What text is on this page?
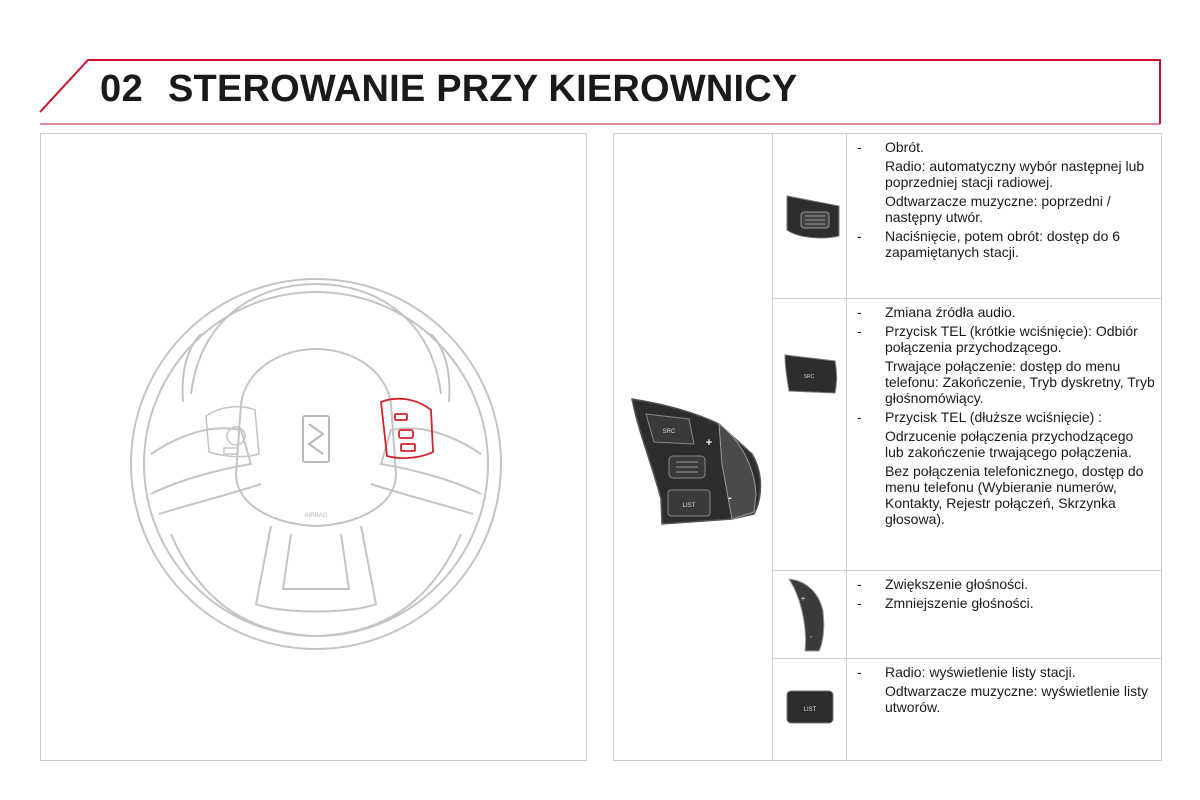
02 STEROWANIE PRZY KIEROWNICY
AIRBAG
SRC
LIST
+
-
- Obrót.
Radio: automatyczny wybór następnej lub poprzedniej stacji radiowej.
Odtwarzacze muzyczne: poprzedni / następny utwór.
- Naciśnięcie, potem obrót: dostęp do 6 zapamiętanych stacji.
SRC
- Zmiana źródła audio.
- Przycisk TEL (krótkie wciśnięcie): Odbiór połączenia przychodzącego.
Trwające połączenie: dostęp do menu telefonu: Zakończenie, Tryb dyskretny, Tryb głośnomówiący.
- Przycisk TEL (dłuższe wciśnięcie) :
Odrzucenie połączenia przychodzącego lub zakończenie trwającego połączenia.
Bez połączenia telefonicznego, dostęp do menu telefonu (Wybieranie numerów, Kontakty, Rejestr połączeń, Skrzynka głosowa).
+
-
- Zwiększenie głośności.
- Zmniejszenie głośności.
LIST
- Radio: wyświetlenie listy stacji.
Odtwarzacze muzyczne: wyświetlenie listy utworów.
